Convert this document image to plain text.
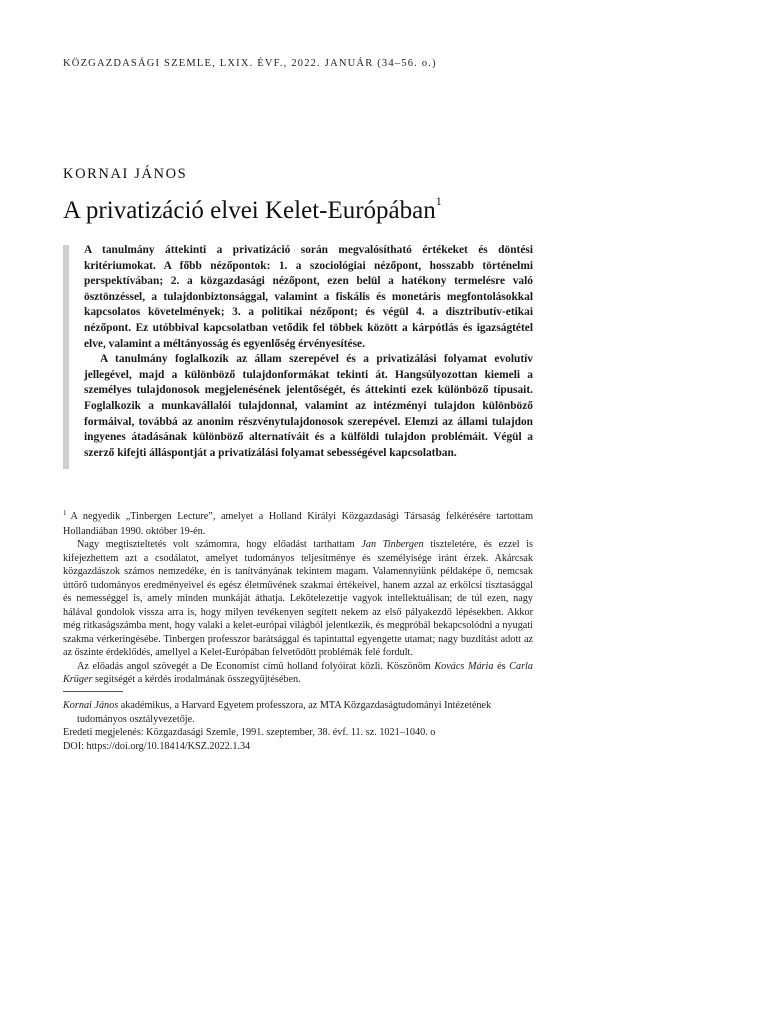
KÖZGAZDASÁGI SZEMLE, LXIX. ÉVF., 2022. JANUÁR (34–56. o.)
KORNAI JÁNOS
A privatizáció elvei Kelet-Európában$^1$

A tanulmány áttekinti a privatizáció során megvalósítható értékeket és döntési kritériumokat. A főbb nézőpontok: 1. a szociológiai nézőpont, hosszabb történelmi perspektívában; 2. a közgazdasági nézőpont, ezen belül a hatékony termelésre való ösztönzéssel, a tulajdonbiztonsággal, valamint a fiskális és monetáris megfontolásokkal kapcsolatos követelmények; 3. a politikai nézőpont; és végül 4. a disztributív-etikai nézőpont. Ez utóbbival kapcsolatban vetődik fel többek között a kárpótlás és igazságtétel elve, valamint a méltányosság és egyenlőség érvényesítése.

A tanulmány foglalkozik az állam szerepével és a privatizálási folyamat evolutív jellegével, majd a különböző tulajdonformákat tekinti át. Hangsúlyozottan kiemeli a személyes tulajdonosok megjelenésének jelentőségét, és áttekinti ezek különböző típusait. Foglalkozik a munkavállalói tulajdonnal, valamint az intézményi tulajdon különböző formáival, továbbá az anonim részvénytulajdonosok szerepével. Elemzi az állami tulajdon ingyenes átadásának különböző alternatíváit és a külföldi tulajdon problémáit. Végül a szerző kifejti álláspontját a privatizálási folyamat sebességével kapcsolatban.

$^1$ A negyedik „Tinbergen Lecture”, amelyet a Holland Királyi Közgazdasági Társaság felkérésére tartottam Hollandiában 1990. október 19-én.

Nagy megtiszteltetés volt számomra, hogy előadást tarthattam Jan Tinbergen tiszteletére, és ezzel is kifejezhettem azt a csodálatot, amelyet tudományos teljesítménye és személyisége iránt érzek. Akárcsak közgazdászok számos nemzedéke, én is tanítványának tekintem magam. Valamennyiünk példaképe ő, nemcsak úttörő tudományos eredményeivel és egész életművének szakmai értékeivel, hanem azzal az erkölcsi tisztasággal és nemességgel is, amely minden munkáját áthatja. Lekötelezettje vagyok intellektuálisan; de túl ezen, nagy hálával gondolok vissza arra is, hogy milyen tevékenyen segített nekem az első pályakezdő lépésekben. Akkor még ritkaságszámba ment, hogy valaki a kelet-európai világból jelentkezik, és megpróbál bekapcsolódni a nyugati szakma vérkeringésébe. Tinbergen professzor barátsággal és tapintattal egyengette utamat; nagy buzdítást adott az az őszinte érdeklődés, amellyel a Kelet-Európában felvetődött problémák felé fordult.

Az előadás angol szövegét a De Economist című holland folyóirat közli. Köszönöm Kovács Mária és Carla Krüger segítségét a kérdés irodalmának összegyűjtésében.

Kornai János akadémikus, a Harvard Egyetem professzora, az MTA Közgazdaságtudományi Intézetének tudományos osztályvezetője.

Eredeti megjelenés: Közgazdasági Szemle, 1991. szeptember, 38. évf. 11. sz. 1021–1040. o

DOI: https://doi.org/10.18414/KSZ.2022.1.34
